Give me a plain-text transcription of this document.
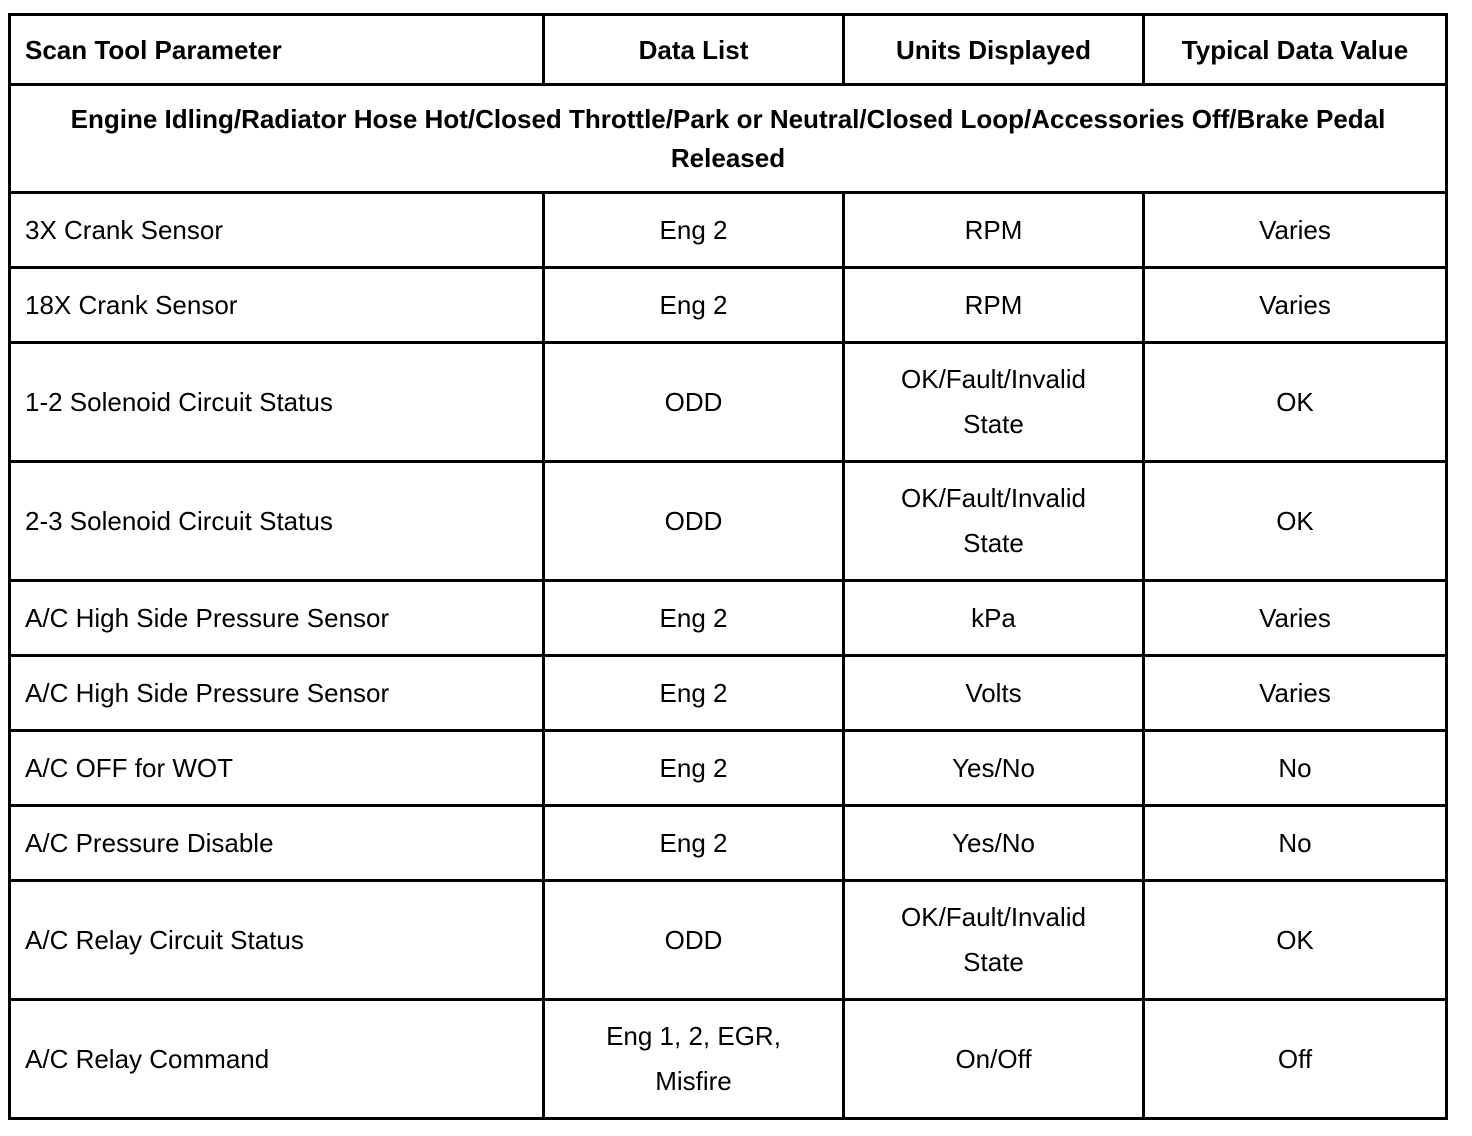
Scan Tool Parameter	Data List	Units Displayed	Typical Data Value
Engine Idling/Radiator Hose Hot/Closed Throttle/Park or Neutral/Closed Loop/Accessories Off/Brake Pedal Released			
3X Crank Sensor	Eng 2	RPM	Varies
18X Crank Sensor	Eng 2	RPM	Varies
1-2 Solenoid Circuit Status	ODD	OK/Fault/Invalid State	OK
2-3 Solenoid Circuit Status	ODD	OK/Fault/Invalid State	OK
A/C High Side Pressure Sensor	Eng 2	kPa	Varies
A/C High Side Pressure Sensor	Eng 2	Volts	Varies
A/C OFF for WOT	Eng 2	Yes/No	No
A/C Pressure Disable	Eng 2	Yes/No	No
A/C Relay Circuit Status	ODD	OK/Fault/Invalid State	OK
A/C Relay Command	Eng 1, 2, EGR, Misfire	On/Off	Off
